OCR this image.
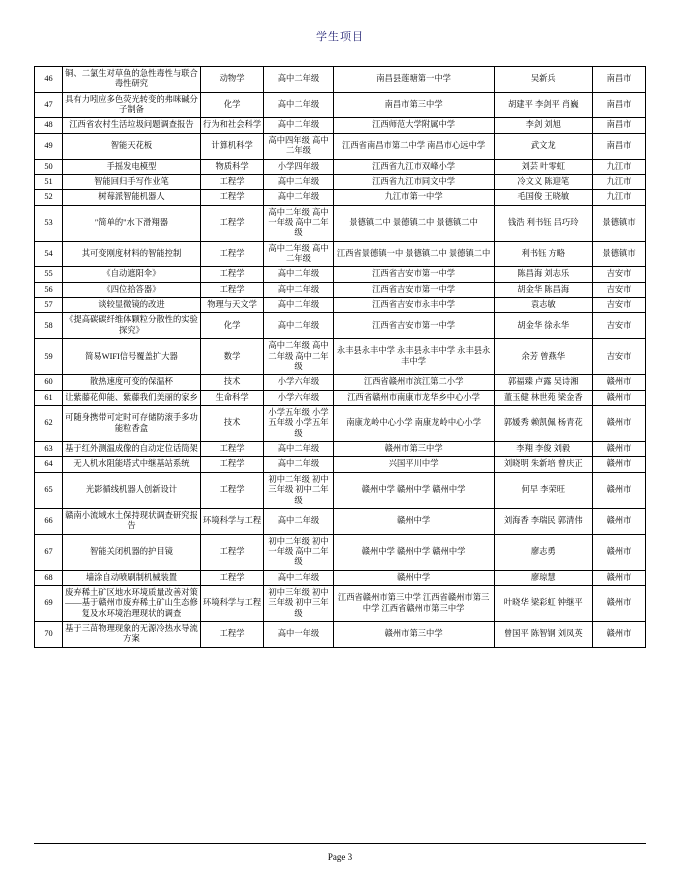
学生项目
46	铜、二氯生对草鱼的急性毒性与联合毒性研究	动物学	高中二年级	南昌县莲塘第一中学	吴新兵	南昌市
47	具有力吲应多色荧光转变的弗咪碱分子制备	化学	高中二年级	南昌市第三中学	胡建平 李剑平 肖巍	南昌市
48	江西省农村生活垃圾问题调查报告	行为和社会科学	高中二年级	江西师范大学附属中学	李剑 刘旭	南昌市
49	智能天花板	计算机科学	高中四年级 高中二年级	江西省南昌市第二中学 南昌市心远中学	武文龙	南昌市
50	手摇发电模型	物质科学	小学四年级	江西省九江市双峰小学	刘芸 叶零虹	九江市
51	智能回归手写作业笔	工程学	高中二年级	江西省九江市同文中学	冷文义 陈迎笔	九江市
52	树莓派智能机器人	工程学	高中二年级	九江市第一中学	毛国俊 王晓敏	九江市
53	"简单的"水下滑翔器	工程学	高中二年级 高中一年级 高中二年级	景德镇二中 景德镇二中 景德镇二中	钱浩 利书钰 吕巧玲	景德镇市
54	其可变刚度材料的智能控制	工程学	高中二年级 高中二年级	江西省景德镇一中 景德镇二中 景德镇二中	利书钰 方略	景德镇市
55	《自动遮阳伞》	工程学	高中二年级	江西省吉安市第一中学	陈昌海 刘志乐	吉安市
56	《四位拾答器》	工程学	高中二年级	江西省吉安市第一中学	胡金华 陈昌海	吉安市
57	谈较显微镜的改进	物理与天文学	高中二年级	江西省吉安市永丰中学	袁志敏	吉安市
58	《提高碳碳纤维体颗粒分散性的实验探究》	化学	高中二年级	江西省吉安市第一中学	胡金华 徐永华	吉安市
59	简易WIFI信号覆盖扩大器	数学	高中二年级 高中二年级 高中二年级	永丰县永丰中学 永丰县永丰中学 永丰县永丰中学	余芳 曾燕华	吉安市
60	散热速度可变的保温杯	技术	小学六年级	江西省赣州市滨江第二小学	郭福臻 卢露 吴诗湘	赣州市
61	让紫藤花仰能、紫藤我们美丽的家乡	生命科学	小学六年级	江西省赣州市南康市龙华乡中心小学	董玉健 林世苑 梁金香	赣州市
62	可随身携带可定时可存储防滚手多功能粒香盒	技术	小学五年级 小学五年级 小学五年级	南康龙岭中心小学 南康龙岭中心小学	郭媛秀 赖凯佩 杨青花	赣州市
63	基于红外测温成像的自动定位话筒架	工程学	高中二年级	赣州市第三中学	李翔 李俊 刘毅	赣州市
64	无人机水阻能塔式中继基站系统	工程学	高中二年级	兴国平川中学	刘晓明 朱新培 曾庆正	赣州市
65	光影循线机器人创新设计	工程学	初中二年级 初中三年级 初中二年级	赣州中学 赣州中学 赣州中学	何早 李荣旺	赣州市
66	赣南小流域水土保持现状调查研究报告	环境科学与工程	高中二年级	赣州中学	刘海香 李瑞民 郭清伟	赣州市
67	智能关闭机器的护目镜	工程学	初中二年级 初中一年级 高中二年级	赣州中学 赣州中学 赣州中学	廖志勇	赣州市
68	墙涂自动喷刷制机械装置	工程学	高中二年级	赣州中学	廖琼慧	赣州市
69	废弃稀土矿区地水环境质量改善对策——基于赣州市废弃稀土矿山生态修复及水环境治理现状的调查	环境科学与工程	初中三年级 初中三年级 初中三年级	江西省赣州市第三中学 江西省赣州市第三中学 江西省赣州市第三中学	叶晓华 梁彩虹 钟继平	赣州市
70	基于三苗物理现象的无源冷热水导流方案	工程学	高中一年级	赣州市第三中学	曾国平 陈智钢 刘凤英	赣州市
Page 3
